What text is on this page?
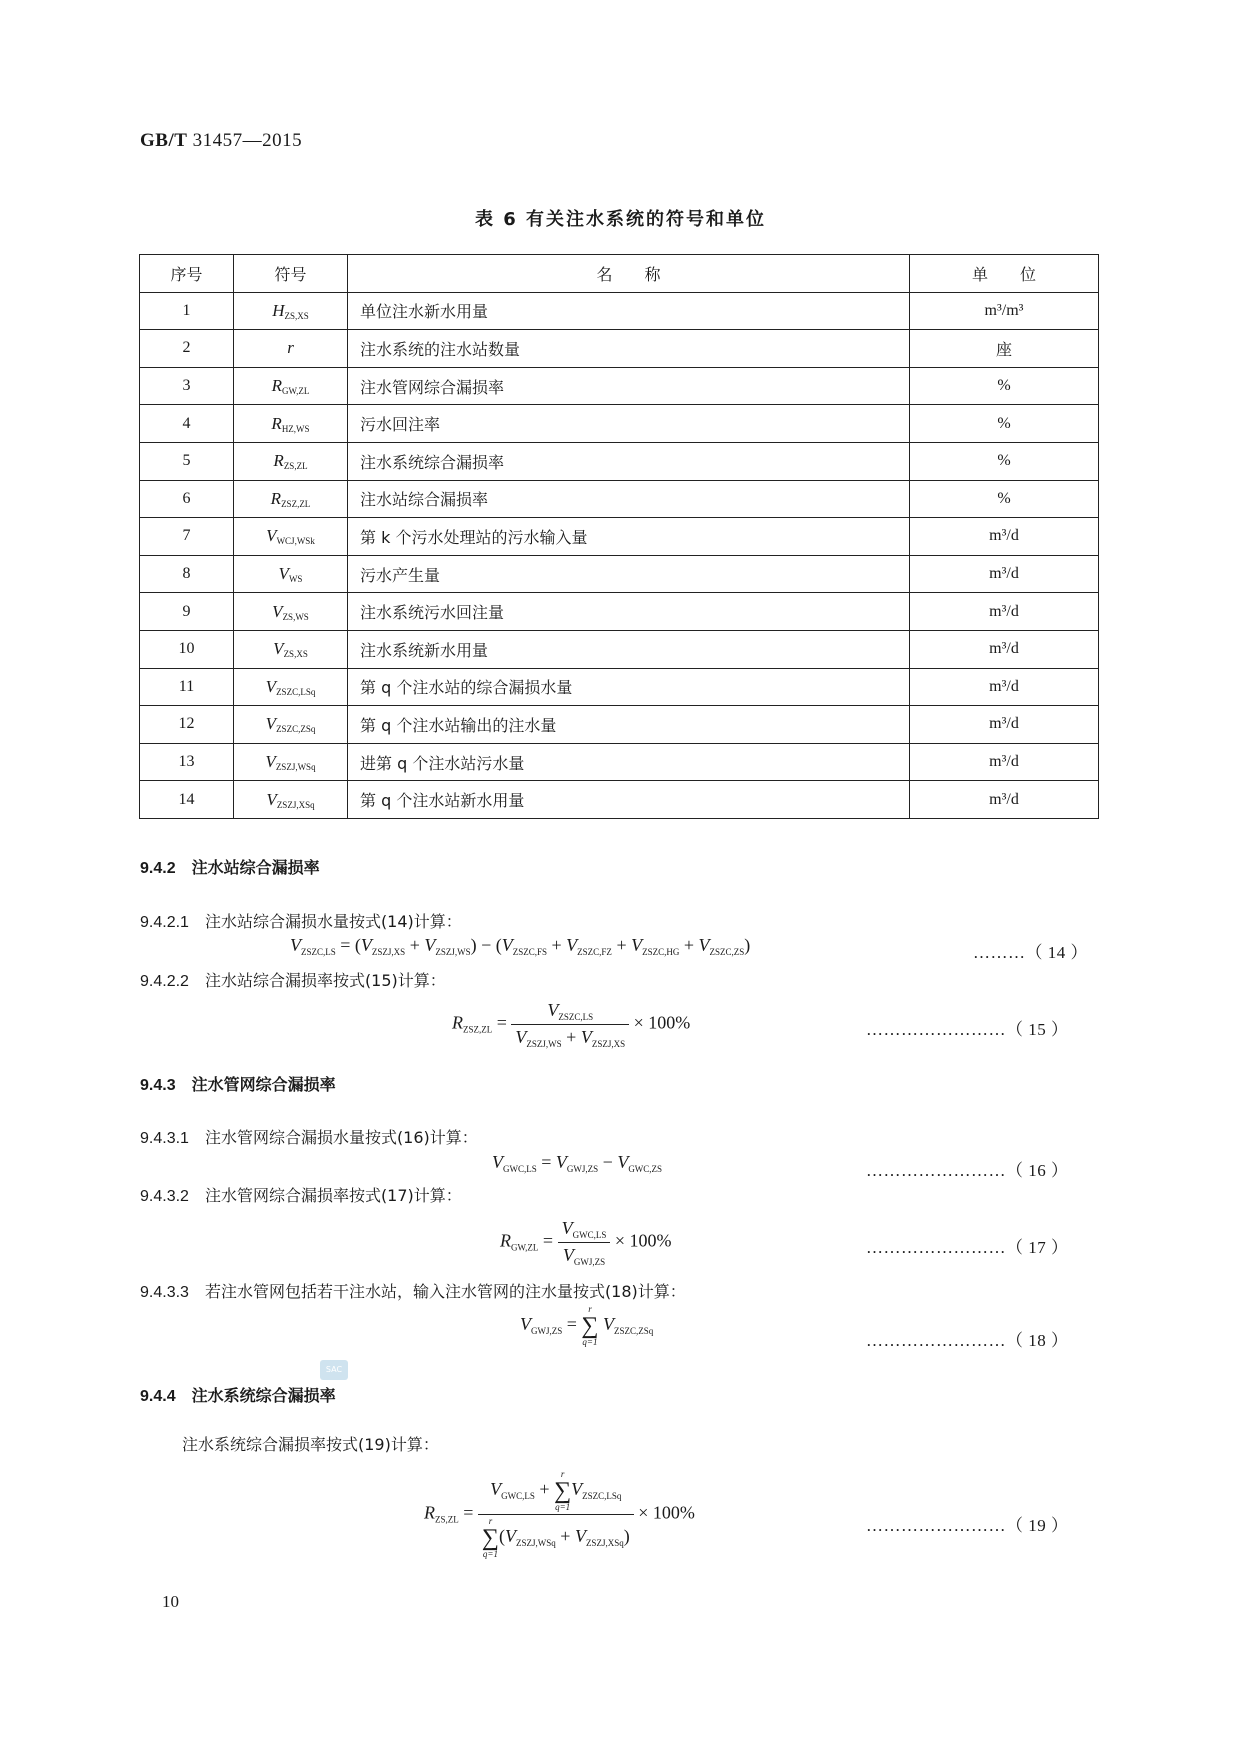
GB/T 31457—2015
表 6 有关注水系统的符号和单位
序号	符号	名　　称	单　　位
1	$H_{ZS,XS}$	单位注水新水用量	m³/m³
2	r	注水系统的注水站数量	座
3	$R_{GW,ZL}$	注水管网综合漏损率	%
4	$R_{HZ,WS}$	污水回注率	%
5	$R_{ZS,ZL}$	注水系统综合漏损率	%
6	$R_{ZSZ,ZL}$	注水站综合漏损率	%
7	$V_{WCJ,WSk}$	第 k 个污水处理站的污水输入量	m³/d
8	$V_{WS}$	污水产生量	m³/d
9	$V_{ZS,WS}$	注水系统污水回注量	m³/d
10	$V_{ZS,XS}$	注水系统新水用量	m³/d
11	$V_{ZSZC,LSq}$	第 q 个注水站的综合漏损水量	m³/d
12	$V_{ZSZC,ZSq}$	第 q 个注水站输出的注水量	m³/d
13	$V_{ZSZJ,WSq}$	进第 q 个注水站污水量	m³/d
14	$V_{ZSZJ,XSq}$	第 q 个注水站新水用量	m³/d
9.4.2 注水站综合漏损率
9.4.2.1 注水站综合漏损水量按式(14)计算：
$V_{ZSZC,LS} = (V_{ZSZJ,XS} + V_{ZSZJ,WS}) - (V_{ZSZC,FS} + V_{ZSZC,FZ} + V_{ZSZC,HG} + V_{ZSZC,ZS})$	………（ 14 ）
9.4.2.2 注水站综合漏损率按式(15)计算：
$R_{ZSZ,ZL} = \frac{V_{ZSZC,LS}}{V_{ZSZJ,WS} + V_{ZSZJ,XS}} \times 100\%$	……………………（ 15 ）
9.4.3 注水管网综合漏损率
9.4.3.1 注水管网综合漏损水量按式(16)计算：
$V_{GWC,LS} = V_{GWJ,ZS} - V_{GWC,ZS}$	……………………（ 16 ）
9.4.3.2 注水管网综合漏损率按式(17)计算：
$R_{GW,ZL} = \frac{V_{GWC,LS}}{V_{GWJ,ZS}} \times 100\%$	……………………（ 17 ）
9.4.3.3 若注水管网包括若干注水站，输入注水管网的注水量按式(18)计算：
$V_{GWJ,ZS}$ =
r
∑
q=1
$V_{ZSZC,ZSq}$	……………………（ 18 ）
SAC
9.4.4 注水系统综合漏损率
注水系统综合漏损率按式(19)计算：
$R_{ZS,ZL} = V_{GWC,LS}$ +
r
∑
q=1
$V_{ZSZC,LSq}$
r
∑
q=1
$(V_{ZSZJ,WSq} + V_{ZSZJ,XSq}) \times 100\%$
……………………（ 19 ）
10
